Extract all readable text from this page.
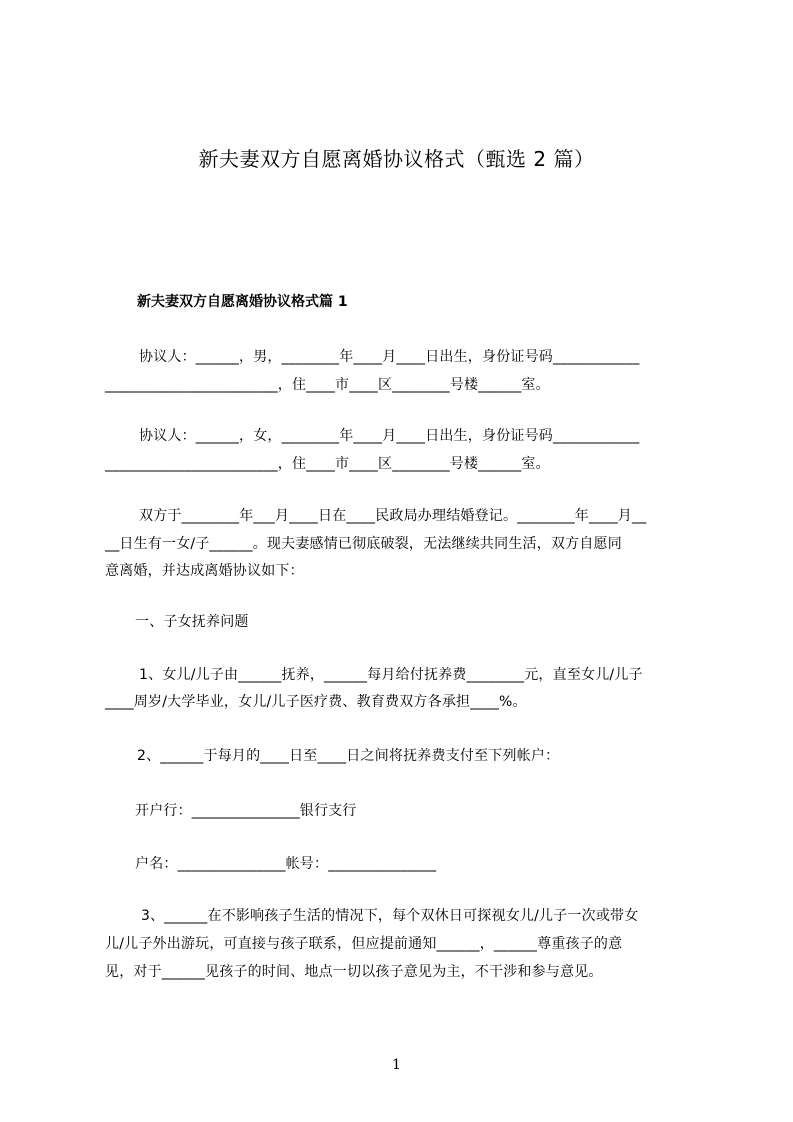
新夫妻双方自愿离婚协议格式（甄选 2 篇）
新夫妻双方自愿离婚协议格式篇 1
协议人：______，男，________年____月____日出生，身份证号码____________
________________________，住____市____区________号楼______室。
协议人：______，女，________年____月____日出生，身份证号码____________
________________________，住____市____区________号楼______室。
双方于________年___月____日在____民政局办理结婚登记。________年____月__
__日生有一女/子______。现夫妻感情已彻底破裂，无法继续共同生活，双方自愿同
意离婚，并达成离婚协议如下：
一、子女抚养问题
1、女儿/儿子由______抚养，______每月给付抚养费________元，直至女儿/儿子
____周岁/大学毕业，女儿/儿子医疗费、教育费双方各承担____%。
2、______于每月的____日至____日之间将抚养费支付至下列帐户：
开户行：_______________银行支行
户名：_______________帐号：_______________
3、______在不影响孩子生活的情况下，每个双休日可探视女儿/儿子一次或带女
儿/儿子外出游玩，可直接与孩子联系，但应提前通知______，______尊重孩子的意
见，对于______见孩子的时间、地点一切以孩子意见为主，不干涉和参与意见。
1
